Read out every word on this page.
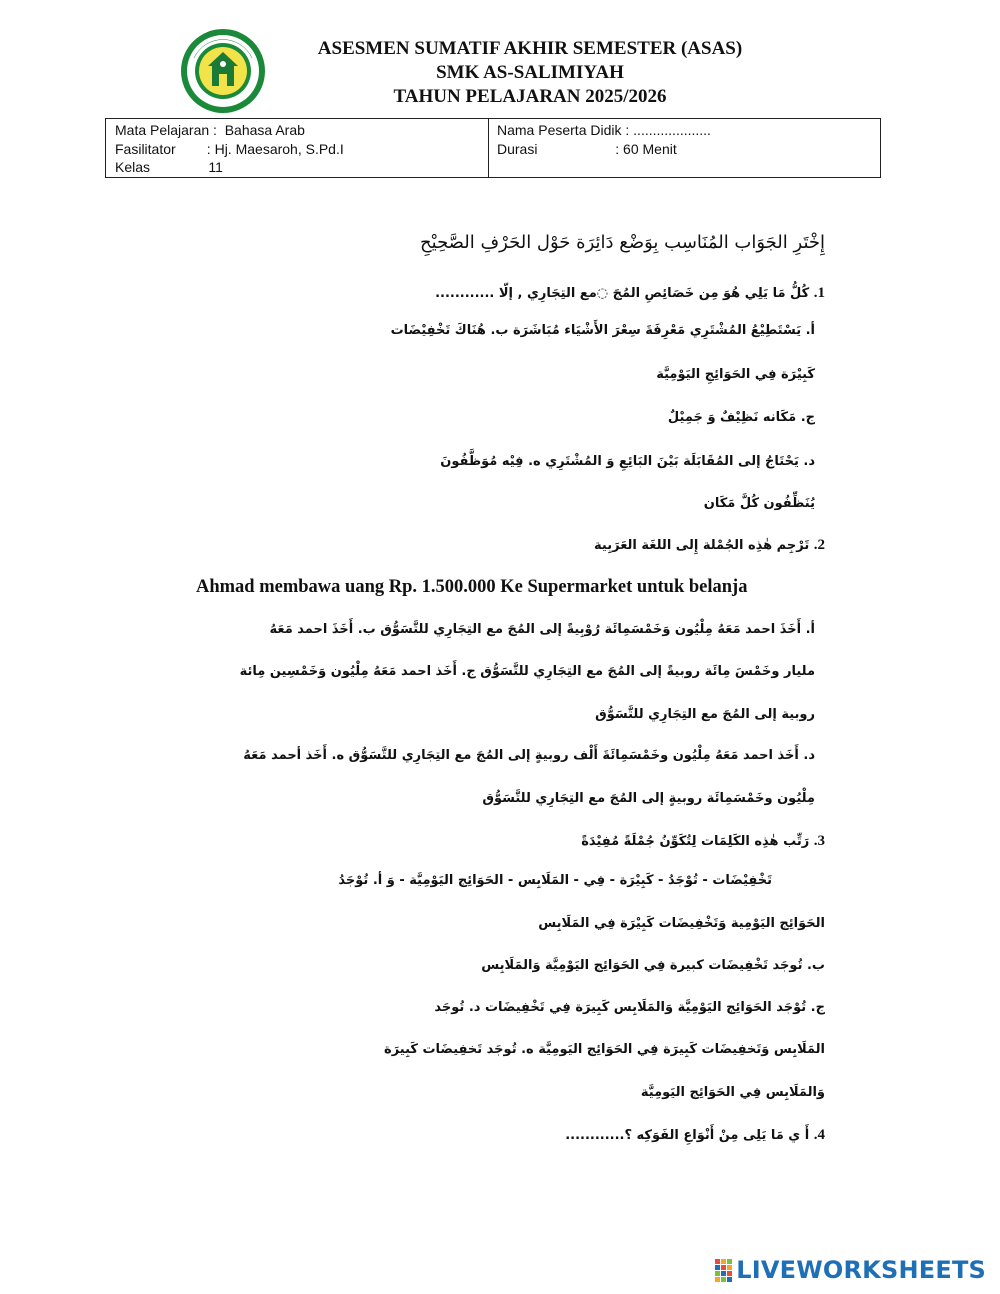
ASESMEN SUMATIF AKHIR SEMESTER (ASAS)
SMK AS-SALIMIYAH
TAHUN PELAJARAN 2025/2026
Mata Pelajaran :  Bahasa Arab
Fasilitator        : Hj. Maesaroh, S.Pd.I
Kelas               11
Nama Peserta Didik : ....................
Durasi                    : 60 Menit
إِخْتَرِ الجَوَاب المُنَاسِب بِوَضْع دَائِرَة حَوْل الحَرْفِ الصَّحِيْحِ
1. كُلُّ مَا يَلِي هُوَ مِن خَصَائِصِ المُجَ ◌مع التِجَارِي , إلّا ............
أ. يَسْتَطِيْعُ المُشْتَرِي مَعْرِفَةَ سِعْرَ الأَشْيَاء مُبَاشَرَة ب. هُنَاكَ تَخْفِيْضَات
كَبِيْرَة فِي الحَوَائِجِ اليَوْمِيَّة
ج. مَكَانه نَظِيْفٌ وَ جَمِيْلٌ
د. يَحْتَاجُ إلى المُقَابَلَة بَيْنَ البَائِعِ وَ المُشْتَرِي ه. فِيْه مُوَظَّفُونَ
يُنَظِّفُون كُلَّ مَكَان
2. تَرْجِم هٰذِه الجُمْلة إِلى اللغَة العَرَبِية
Ahmad membawa uang Rp. 1.500.000 Ke Supermarket untuk belanja
أ. أَخَذَ احمد مَعَهُ مِلْيُون وَخَمْسَمِائَة رُوْبِيةً إلى المُجَ مع التِجَارِي للتَّسَوُّق ب. أَخَذَ احمد مَعَهُ
مليار وخَمْسَ مِائَة روبيةً إلى المُجَ مع التِجَارِي للتَّسَوُّق ج. أَخَذ احمد مَعَهُ مِلْيُون وَخَمْسِين مِائة
روبية إلى المُجَ مع التِجَارِي للتَّسَوُّق
د. أَخَذ احمد مَعَهُ مِلْيُون وخَمْسَمِائَةَ أَلْف روبيةٍ إلى المُجَ مع التِجَارِي للتَّسَوُّق ه. أَخَذ أحمد مَعَهُ
مِلْيُون وخَمْسَمِائَة روبيةٍ إلى المُجَ مع التِجَارِي للتَّسَوُّق
3. رَتِّب هٰذِه الكَلِمَات لِتُكَوِّنُ جُمْلَةً مُفِيْدَةً
تَخْفِيْضَات - تُوْجَدُ - كَبِيْرَة - فِي - المَلَابِس - الحَوَائِج اليَوْمِيَّة - وَ أ. تُوْجَدُ
الحَوَائِج اليَوْمِية وَتَخْفِيضَات كَبِيْرَة فِي المَلَابِس
ب. تُوجَد تَخْفِيضَات كبيرة فِي الحَوَائِج اليَوْمِيَّة وَالمَلَابِس
ج. تُوْجَد الحَوَائِج اليَوْمِيَّة وَالمَلَابِس كَبِيرَة فِي تَخْفِيضَات د. تُوجَد
المَلَابِس وَتَخفِيضَات كَبِيرَة فِي الحَوَائِج اليَومِيَّة ه. تُوجَد تَخفِيضَات كَبِيرَة
وَالمَلَابِس فِي الحَوَائِج اليَومِيَّة
4. أَ ي مَا يَلِى مِنْ أَنْوَاعِ الفَوَكِه ؟............
LIVEWORKSHEETS
